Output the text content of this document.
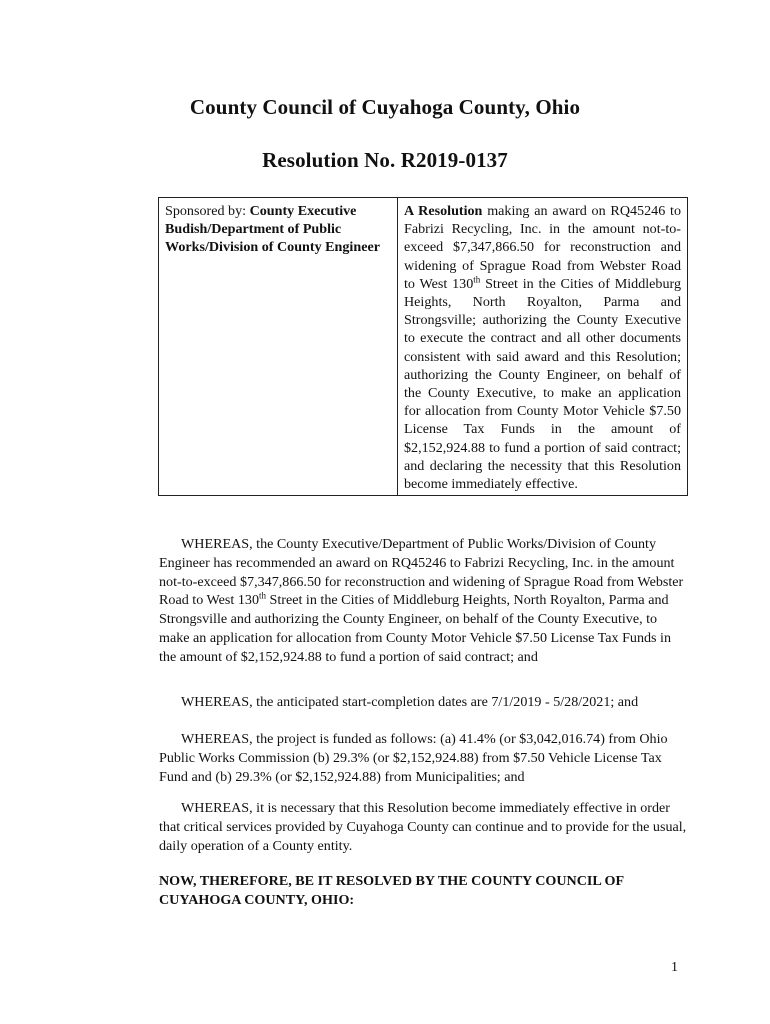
County Council of Cuyahoga County, Ohio
Resolution No. R2019-0137
Sponsored by: County Executive Budish/Department of Public Works/Division of County Engineer	A Resolution making an award on RQ45246 to Fabrizi Recycling, Inc. in the amount not-to-exceed $7,347,866.50 for reconstruction and widening of Sprague Road from Webster Road to West 130th Street in the Cities of Middleburg Heights, North Royalton, Parma and Strongsville; authorizing the County Executive to execute the contract and all other documents consistent with said award and this Resolution; authorizing the County Engineer, on behalf of the County Executive, to make an application for allocation from County Motor Vehicle $7.50 License Tax Funds in the amount of $2,152,924.88 to fund a portion of said contract; and declaring the necessity that this Resolution become immediately effective.

WHEREAS, the County Executive/Department of Public Works/Division of County Engineer has recommended an award on RQ45246 to Fabrizi Recycling, Inc. in the amount not-to-exceed $7,347,866.50 for reconstruction and widening of Sprague Road from Webster Road to West 130th Street in the Cities of Middleburg Heights, North Royalton, Parma and Strongsville and authorizing the County Engineer, on behalf of the County Executive, to make an application for allocation from County Motor Vehicle $7.50 License Tax Funds in the amount of $2,152,924.88 to fund a portion of said contract; and

WHEREAS, the anticipated start-completion dates are 7/1/2019 - 5/28/2021; and

WHEREAS, the project is funded as follows: (a) 41.4% (or $3,042,016.74) from Ohio Public Works Commission (b) 29.3% (or $2,152,924.88) from $7.50 Vehicle License Tax Fund and (b) 29.3% (or $2,152,924.88) from Municipalities; and

WHEREAS, it is necessary that this Resolution become immediately effective in order that critical services provided by Cuyahoga County can continue and to provide for the usual, daily operation of a County entity.

NOW, THEREFORE, BE IT RESOLVED BY THE COUNTY COUNCIL OF CUYAHOGA COUNTY, OHIO:

1
